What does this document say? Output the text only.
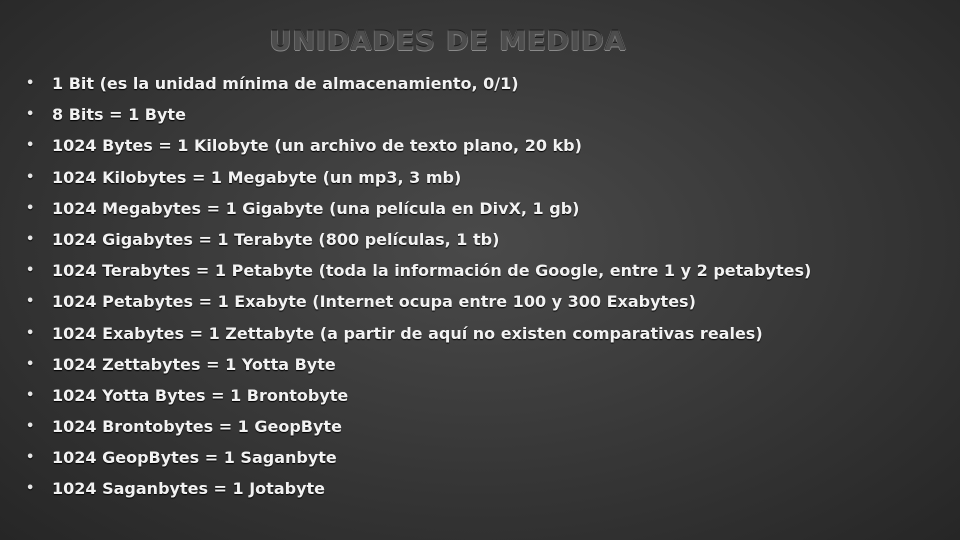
UNIDADES DE MEDIDA
• 1 Bit (es la unidad mínima de almacenamiento, 0/1)
• 8 Bits = 1 Byte
• 1024 Bytes = 1 Kilobyte (un archivo de texto plano, 20 kb)
• 1024 Kilobytes = 1 Megabyte (un mp3, 3 mb)
• 1024 Megabytes = 1 Gigabyte (una película en DivX, 1 gb)
• 1024 Gigabytes = 1 Terabyte (800 películas, 1 tb)
• 1024 Terabytes = 1 Petabyte (toda la información de Google, entre 1 y 2 petabytes)
• 1024 Petabytes = 1 Exabyte (Internet ocupa entre 100 y 300 Exabytes)
• 1024 Exabytes = 1 Zettabyte (a partir de aquí no existen comparativas reales)
• 1024 Zettabytes = 1 Yotta Byte
• 1024 Yotta Bytes = 1 Brontobyte
• 1024 Brontobytes = 1 GeopByte
• 1024 GeopBytes = 1 Saganbyte
• 1024 Saganbytes = 1 Jotabyte
